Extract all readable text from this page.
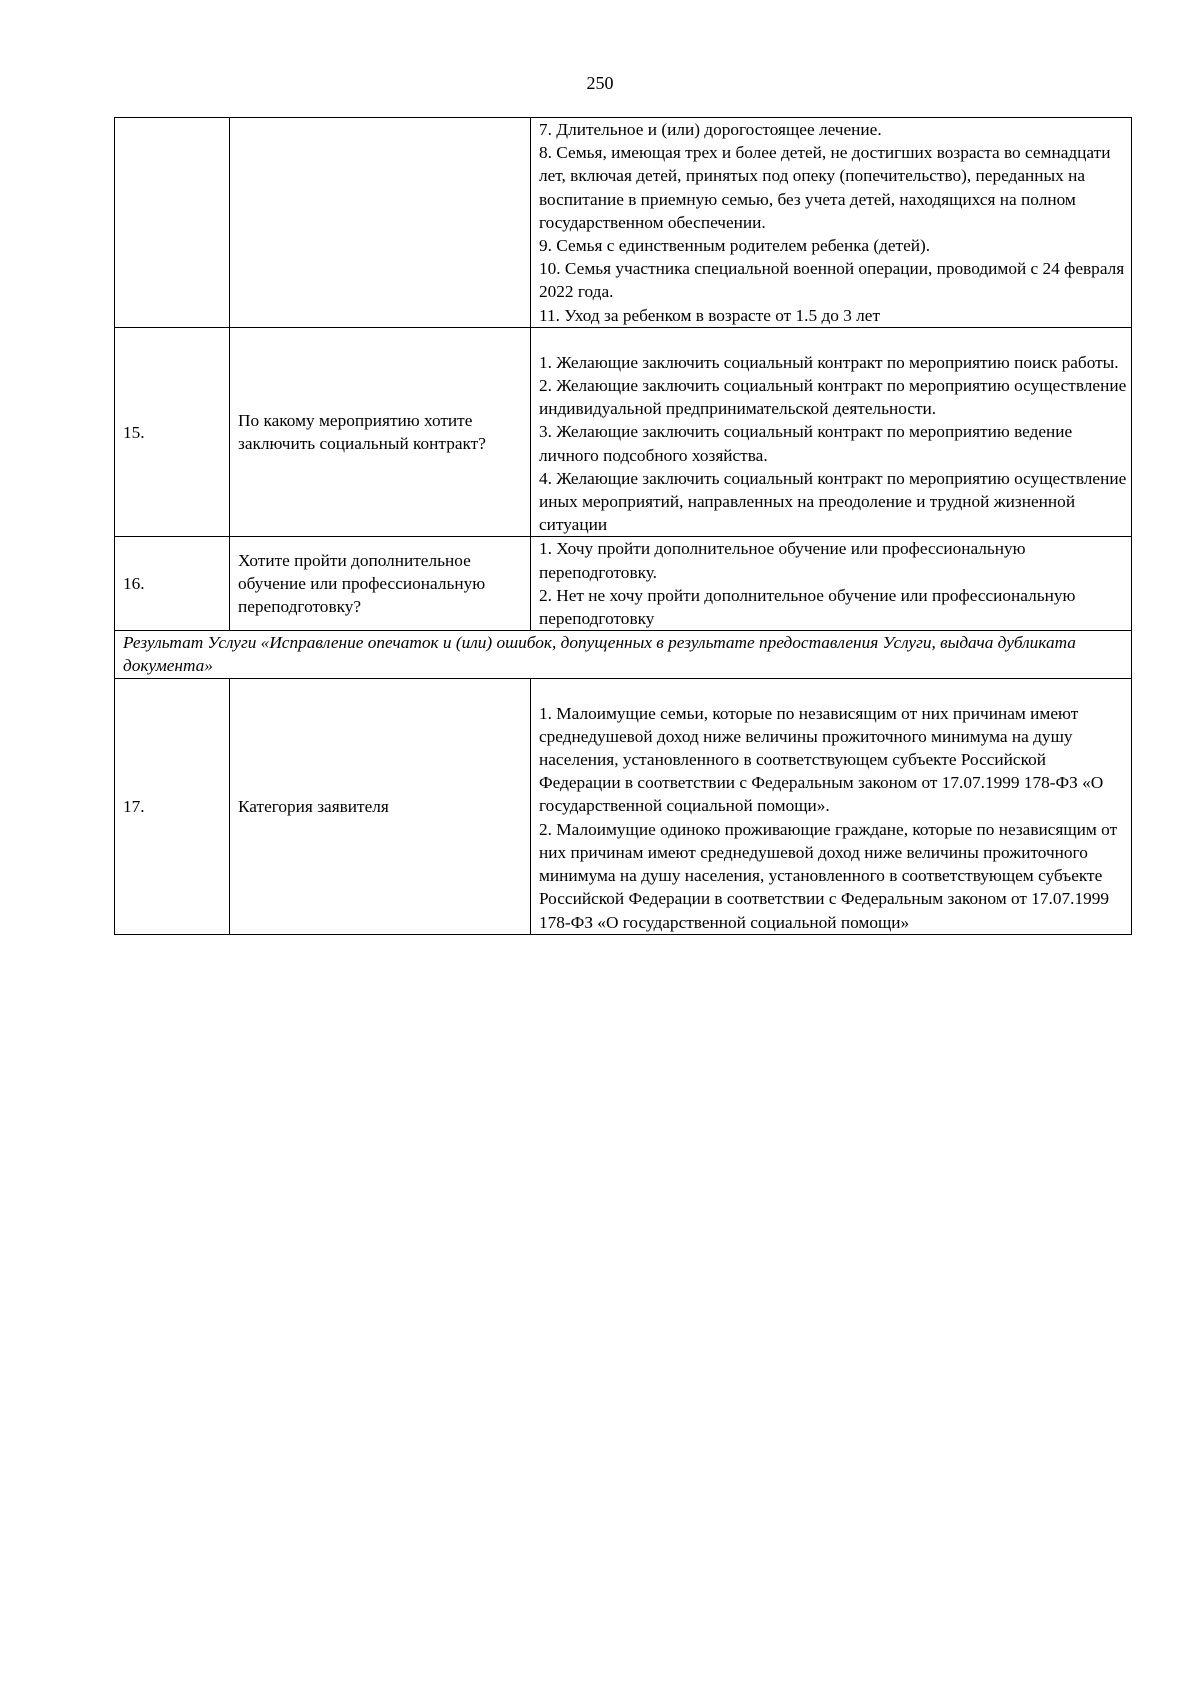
250

		7. Длительное и (или) дорогостоящее лечение.
8. Семья, имеющая трех и более детей, не достигших возраста во семнадцати лет, включая детей, принятых под опеку (попечительство), переданных на воспитание в приемную семью, без учета детей, находящихся на полном государственном обеспечении.
9. Семья с единственным родителем ребенка (детей).
10. Семья участника специальной военной операции, проводимой с 24 февраля 2022 года.
11. Уход за ребенком в возрасте от 1.5 до 3 лет

15.	По какому мероприятию хотите заключить социальный контракт?	1. Желающие заключить социальный контракт по мероприятию поиск работы.
2. Желающие заключить социальный контракт по мероприятию осуществление индивидуальной предпринимательской деятельности.
3. Желающие заключить социальный контракт по мероприятию ведение личного подсобного хозяйства.
4. Желающие заключить социальный контракт по мероприятию осуществление иных мероприятий, направленных на преодоление и трудной жизненной ситуации

16.	Хотите пройти дополнительное обучение или профессиональную переподготовку?	1. Хочу пройти дополнительное обучение или профессиональную переподготовку.
2. Нет не хочу пройти дополнительное обучение или профессиональную переподготовку

Результат Услуги «Исправление опечаток и (или) ошибок, допущенных в результате предоставления Услуги, выдача дубликата документа»		
17.	Категория заявителя	1. Малоимущие семьи, которые по независящим от них причинам имеют среднедушевой доход ниже величины прожиточного минимума на душу населения, установленного в соответствующем субъекте Российской Федерации в соответствии с Федеральным законом от 17.07.1999 178-ФЗ «О государственной социальной помощи».
2. Малоимущие одиноко проживающие граждане, которые по независящим от них причинам имеют среднедушевой доход ниже величины прожиточного минимума на душу населения, установленного в соответствующем субъекте Российской Федерации в соответствии с Федеральным законом от 17.07.1999 178-ФЗ «О государственной социальной помощи»
